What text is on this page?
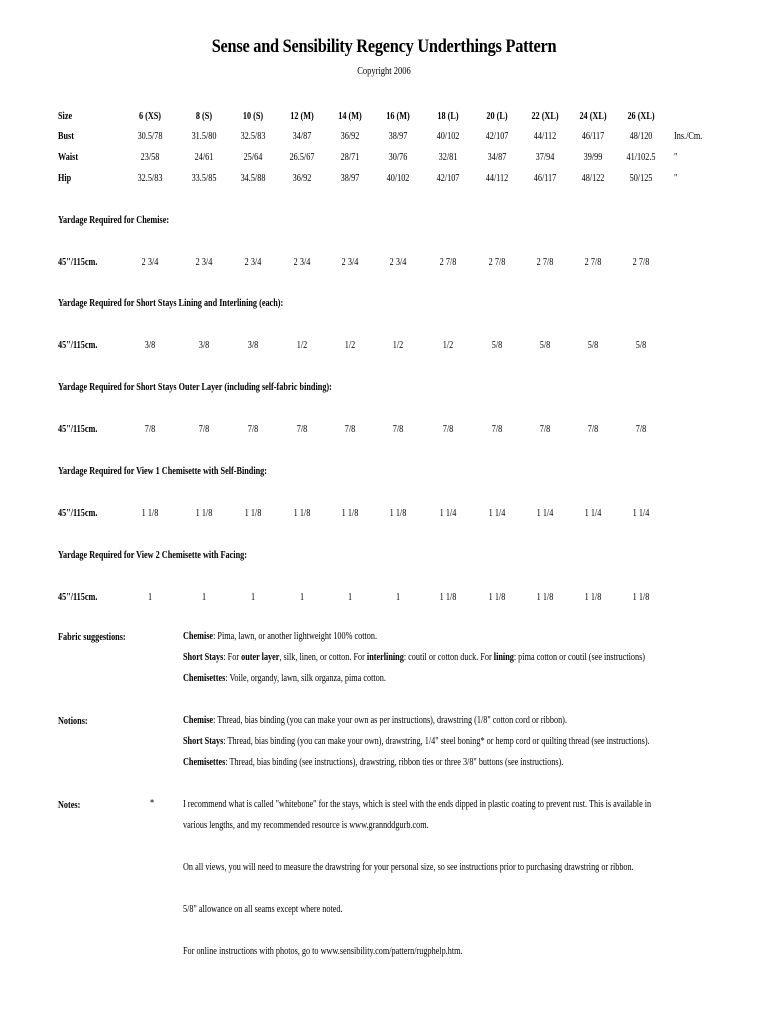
Sense and Sensibility Regency Underthings Pattern
Copyright 2006
Size	6 (XS)	8 (S)	10 (S)	12 (M) 14 (M) 16 (M)	18 (L)	20 (L) 22 (XL) 24 (XL) 26 (XL)
Bust	30.5/78	31.5/80 32.5/83	34/87	36/92	38/97	40/102	42/107	44/112	46/117	48/120 Ins./Cm.
Waist	23/58	24/61	25/64	26.5/67	28/71	30/76	32/81	34/87	37/94	39/99 41/102.5 "
Hip	32.5/83	33.5/85 34.5/88	36/92	38/97	40/102	42/107	44/112	46/117	48/122	50/125 "
Yardage Required for Chemise:
45"/115cm.	2 3/4	2 3/4	2 3/4	2 3/4	2 3/4	2 3/4	2 7/8	2 7/8	2 7/8	2 7/8	2 7/8
Yardage Required for Short Stays Lining and Interlining (each):
45"/115cm.	3/8	3/8	3/8	1/2	1/2	1/2	1/2	5/8	5/8	5/8	5/8
Yardage Required for Short Stays Outer Layer (including self-fabric binding):
45"/115cm.	7/8	7/8	7/8	7/8	7/8	7/8	7/8	7/8	7/8	7/8	7/8
Yardage Required for View 1 Chemisette with Self-Binding:
45"/115cm.	1 1/8	1 1/8	1 1/8	1 1/8	1 1/8	1 1/8	1 1/4	1 1/4	1 1/4	1 1/4	1 1/4
Yardage Required for View 2 Chemisette with Facing:
45"/115cm.	1	1	1	1	1	1	1 1/8	1 1/8	1 1/8	1 1/8	1 1/8
Fabric suggestions:	Chemise: Pima, lawn, or another lightweight 100% cotton.
Short Stays: For outer layer, silk, linen, or cotton. For interlining: coutil or cotton duck. For lining: pima cotton or coutil (see instructions)
Chemisettes: Voile, organdy, lawn, silk organza, pima cotton.
Notions:	Chemise: Thread, bias binding (you can make your own as per instructions), drawstring (1/8" cotton cord or ribbon).
Short Stays: Thread, bias binding (you can make your own), drawstring, 1/4" steel boning* or hemp cord or quilting thread (see instructions).
Chemisettes: Thread, bias binding (see instructions), drawstring, ribbon ties or three 3/8" buttons (see instructions).
Notes:	*	I recommend what is called "whitebone" for the stays, which is steel with the ends dipped in plastic coating to prevent rust. This is available in
various lengths, and my recommended resource is www.grannddgurb.com.
On all views, you will need to measure the drawstring for your personal size, so see instructions prior to purchasing drawstring or ribbon.
5/8" allowance on all seams except where noted.
For online instructions with photos, go to www.sensibility.com/pattern/rugphelp.htm.
